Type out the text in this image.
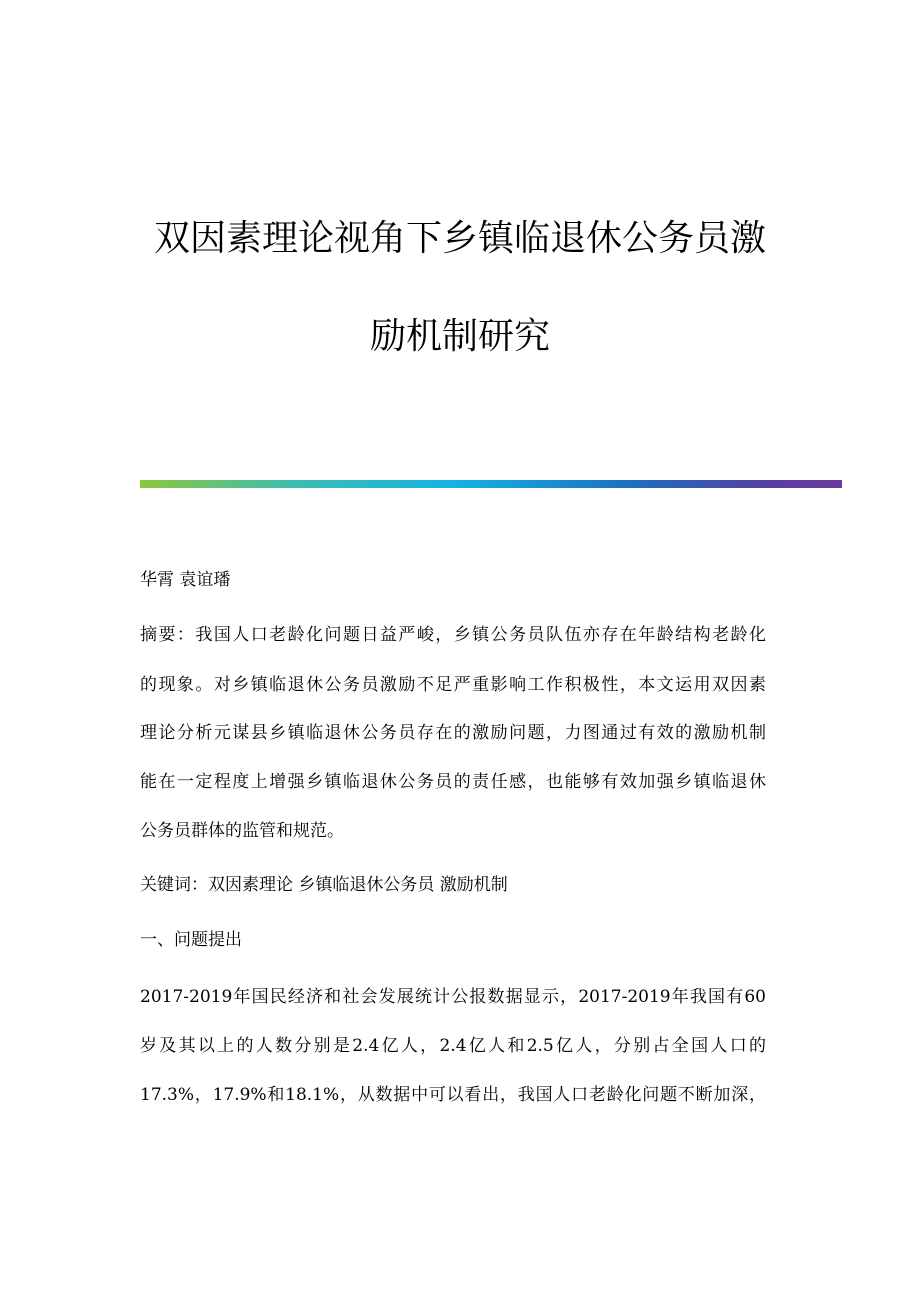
双因素理论视角下乡镇临退休公务员激
励机制研究

华霄 袁谊璠

摘要：我国人口老龄化问题日益严峻，乡镇公务员队伍亦存在年龄结构老龄化

的现象。对乡镇临退休公务员激励不足严重影响工作积极性，本文运用双因素

理论分析元谋县乡镇临退休公务员存在的激励问题，力图通过有效的激励机制

能在一定程度上增强乡镇临退休公务员的责任感，也能够有效加强乡镇临退休

公务员群体的监管和规范。

关键词：双因素理论 乡镇临退休公务员 激励机制

一、问题提出

2017-2019年国民经济和社会发展统计公报数据显示，2017-2019年我国有60

岁及其以上的人数分别是2.4亿人，2.4亿人和2.5亿人，分别占全国人口的

17.3%，17.9%和18.1%，从数据中可以看出，我国人口老龄化问题不断加深，
